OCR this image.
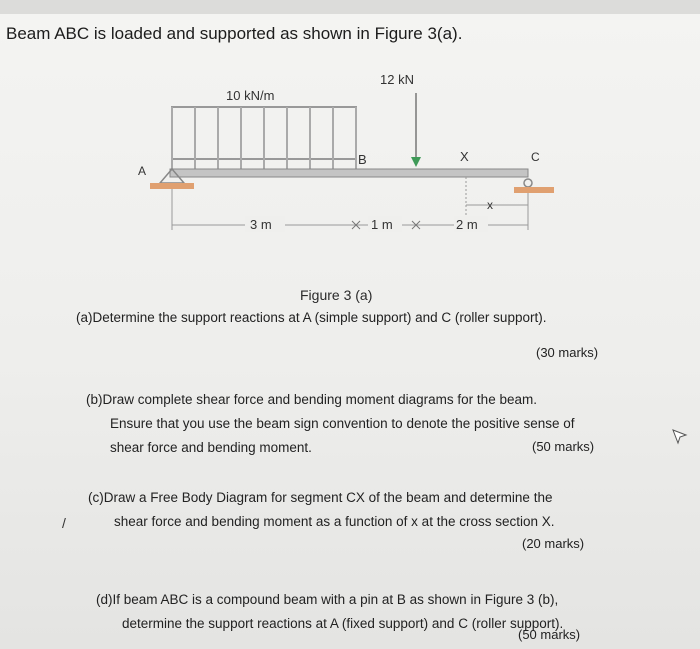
Beam ABC is loaded and supported as shown in Figure 3(a).
10 kN/m
12 kN
A
C
B	X
x
3 m	1 m	2 m
Figure 3 (a)
(a)Determine the support reactions at A (simple support) and C (roller support).
(30 marks)
(b)Draw complete shear force and bending moment diagrams for the beam.
Ensure that you use the beam sign convention to denote the positive sense of
shear force and bending moment.	(50 marks)
(c)Draw a Free Body Diagram for segment CX of the beam and determine the
shear force and bending moment as a function of x at the cross section X.
(20 marks)
(d)If beam ABC is a compound beam with a pin at B as shown in Figure 3 (b),
determine the support reactions at A (fixed support) and C (roller support).
(50 marks)
/
